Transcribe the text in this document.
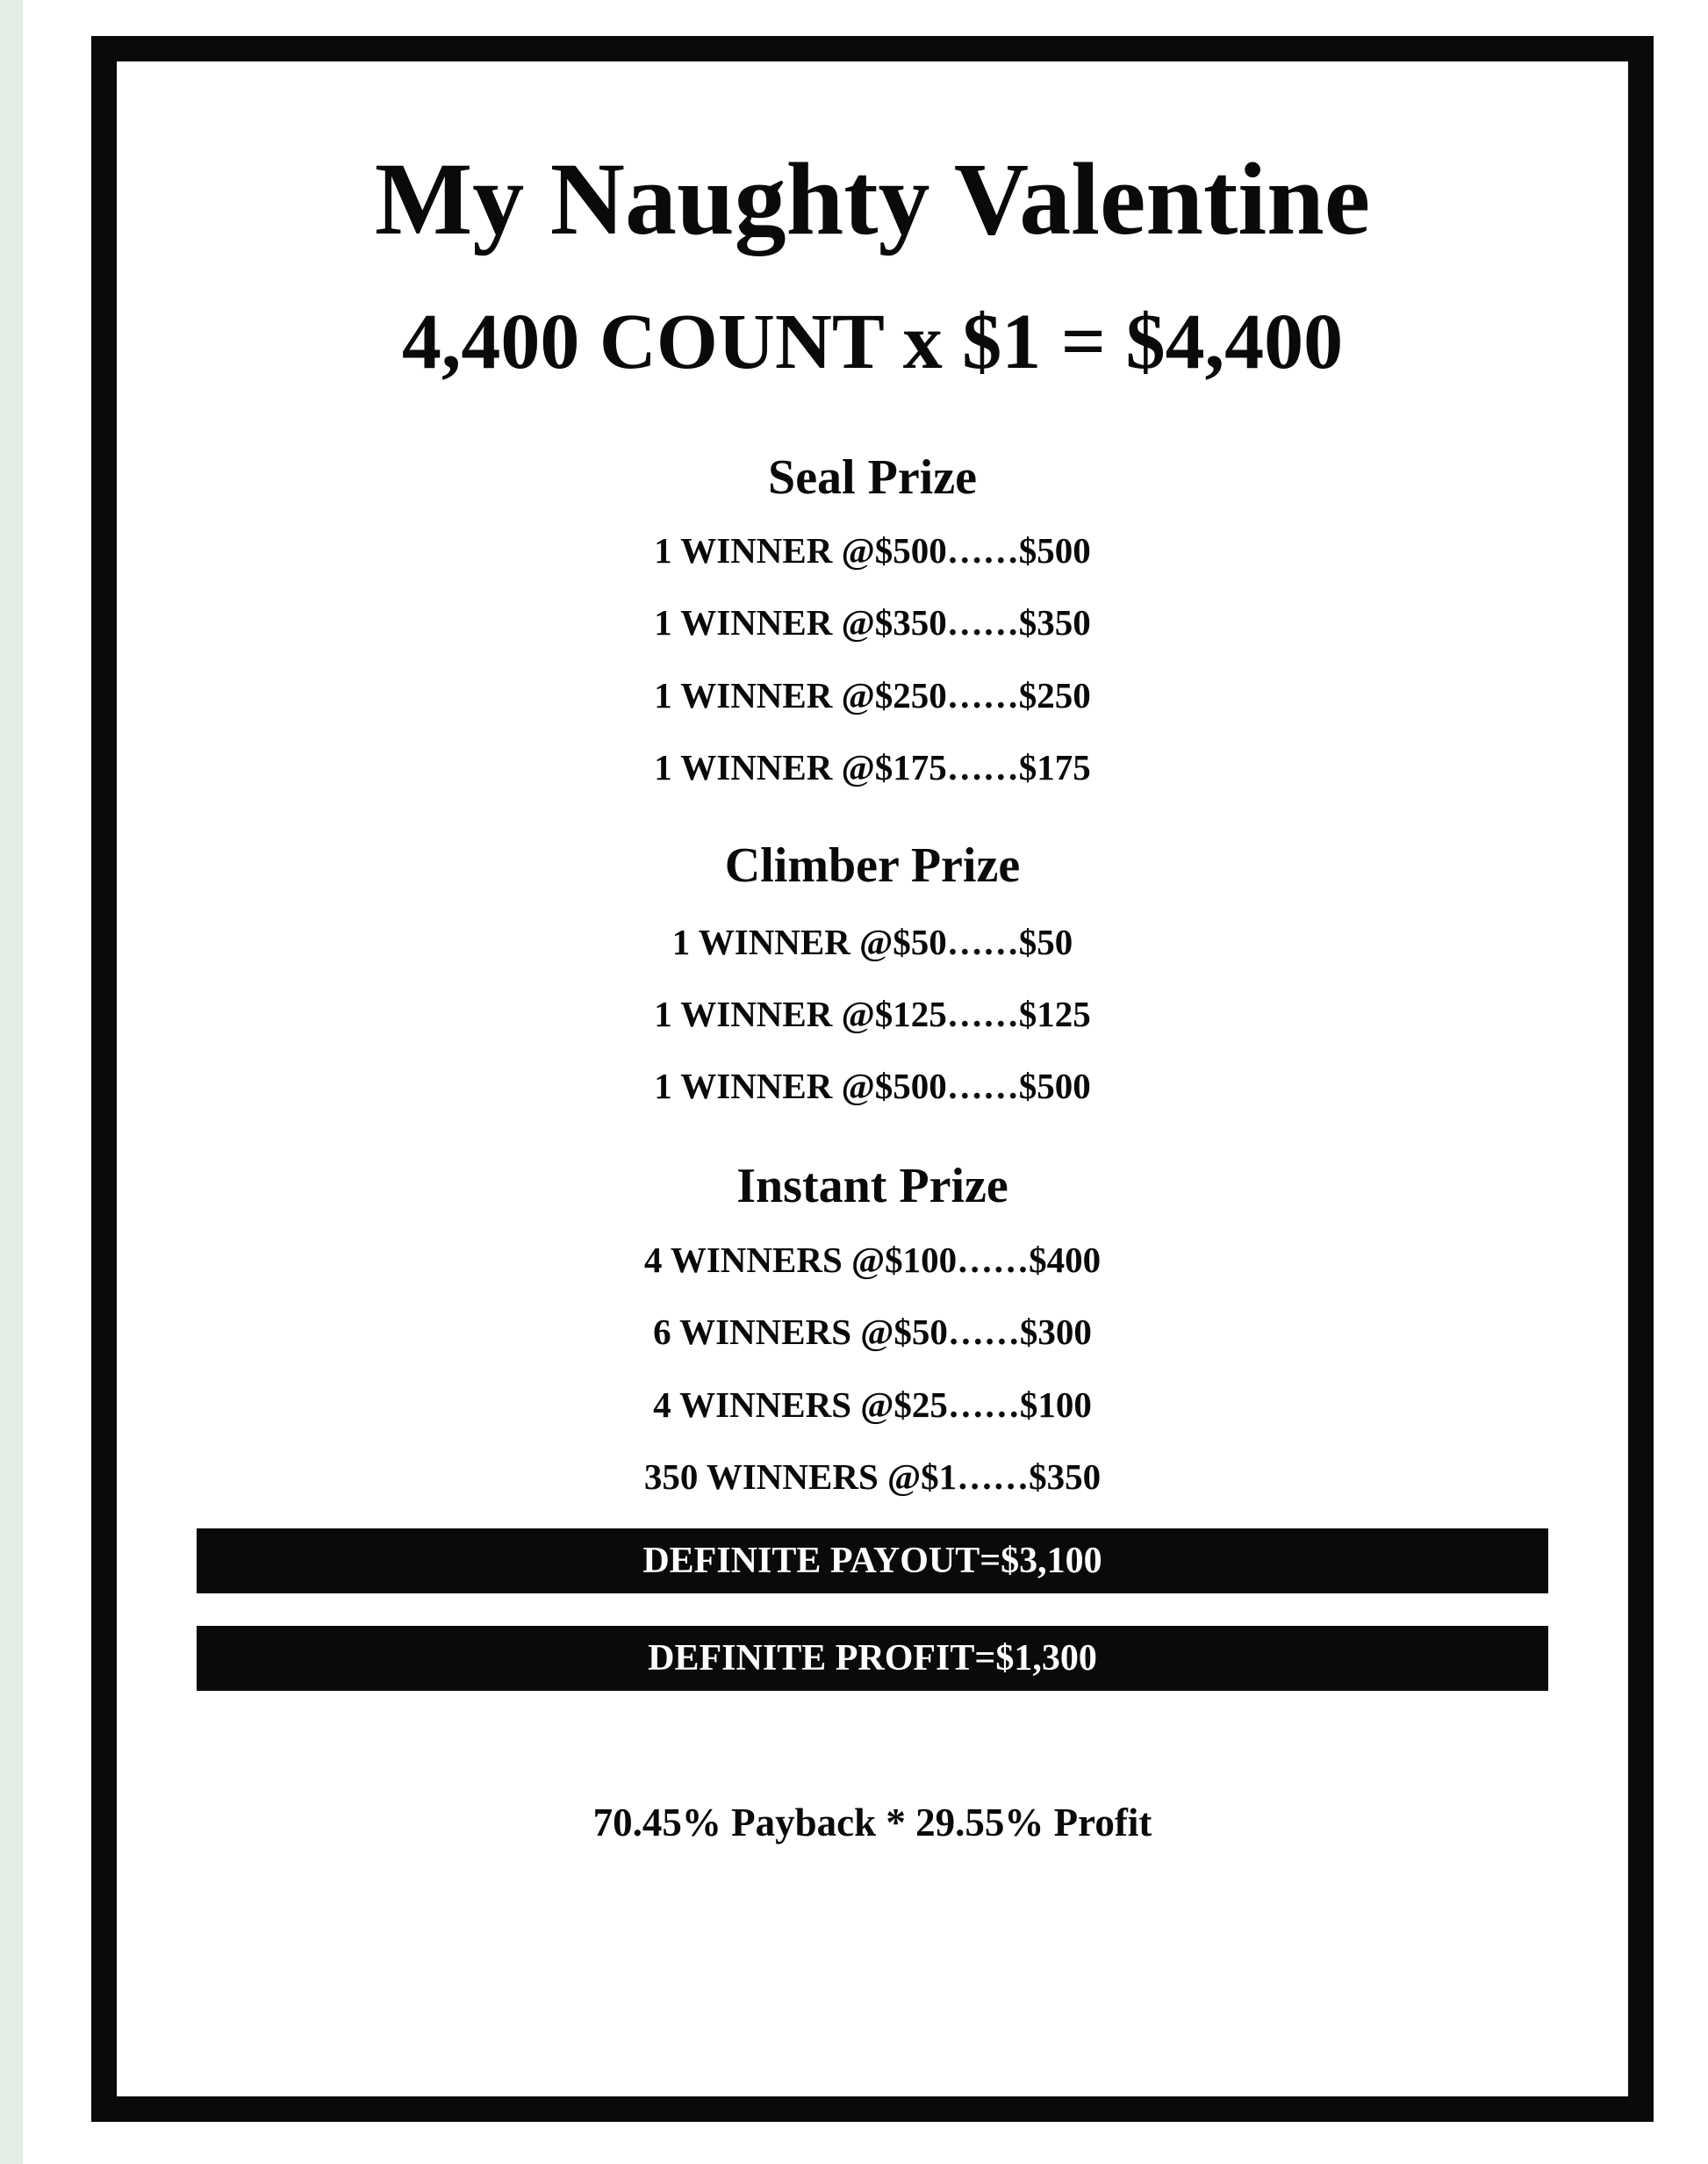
My Naughty Valentine
4,400 COUNT x $1 = $4,400
Seal Prize
1 WINNER @$500……$500
1 WINNER @$350……$350
1 WINNER @$250……$250
1 WINNER @$175……$175
Climber Prize
1 WINNER @$50……$50
1 WINNER @$125……$125
1 WINNER @$500……$500
Instant Prize
4 WINNERS @$100……$400
6 WINNERS @$50……$300
4 WINNERS @$25……$100
350 WINNERS @$1……$350
DEFINITE PAYOUT=$3,100
DEFINITE PROFIT=$1,300
70.45% Payback * 29.55% Profit
